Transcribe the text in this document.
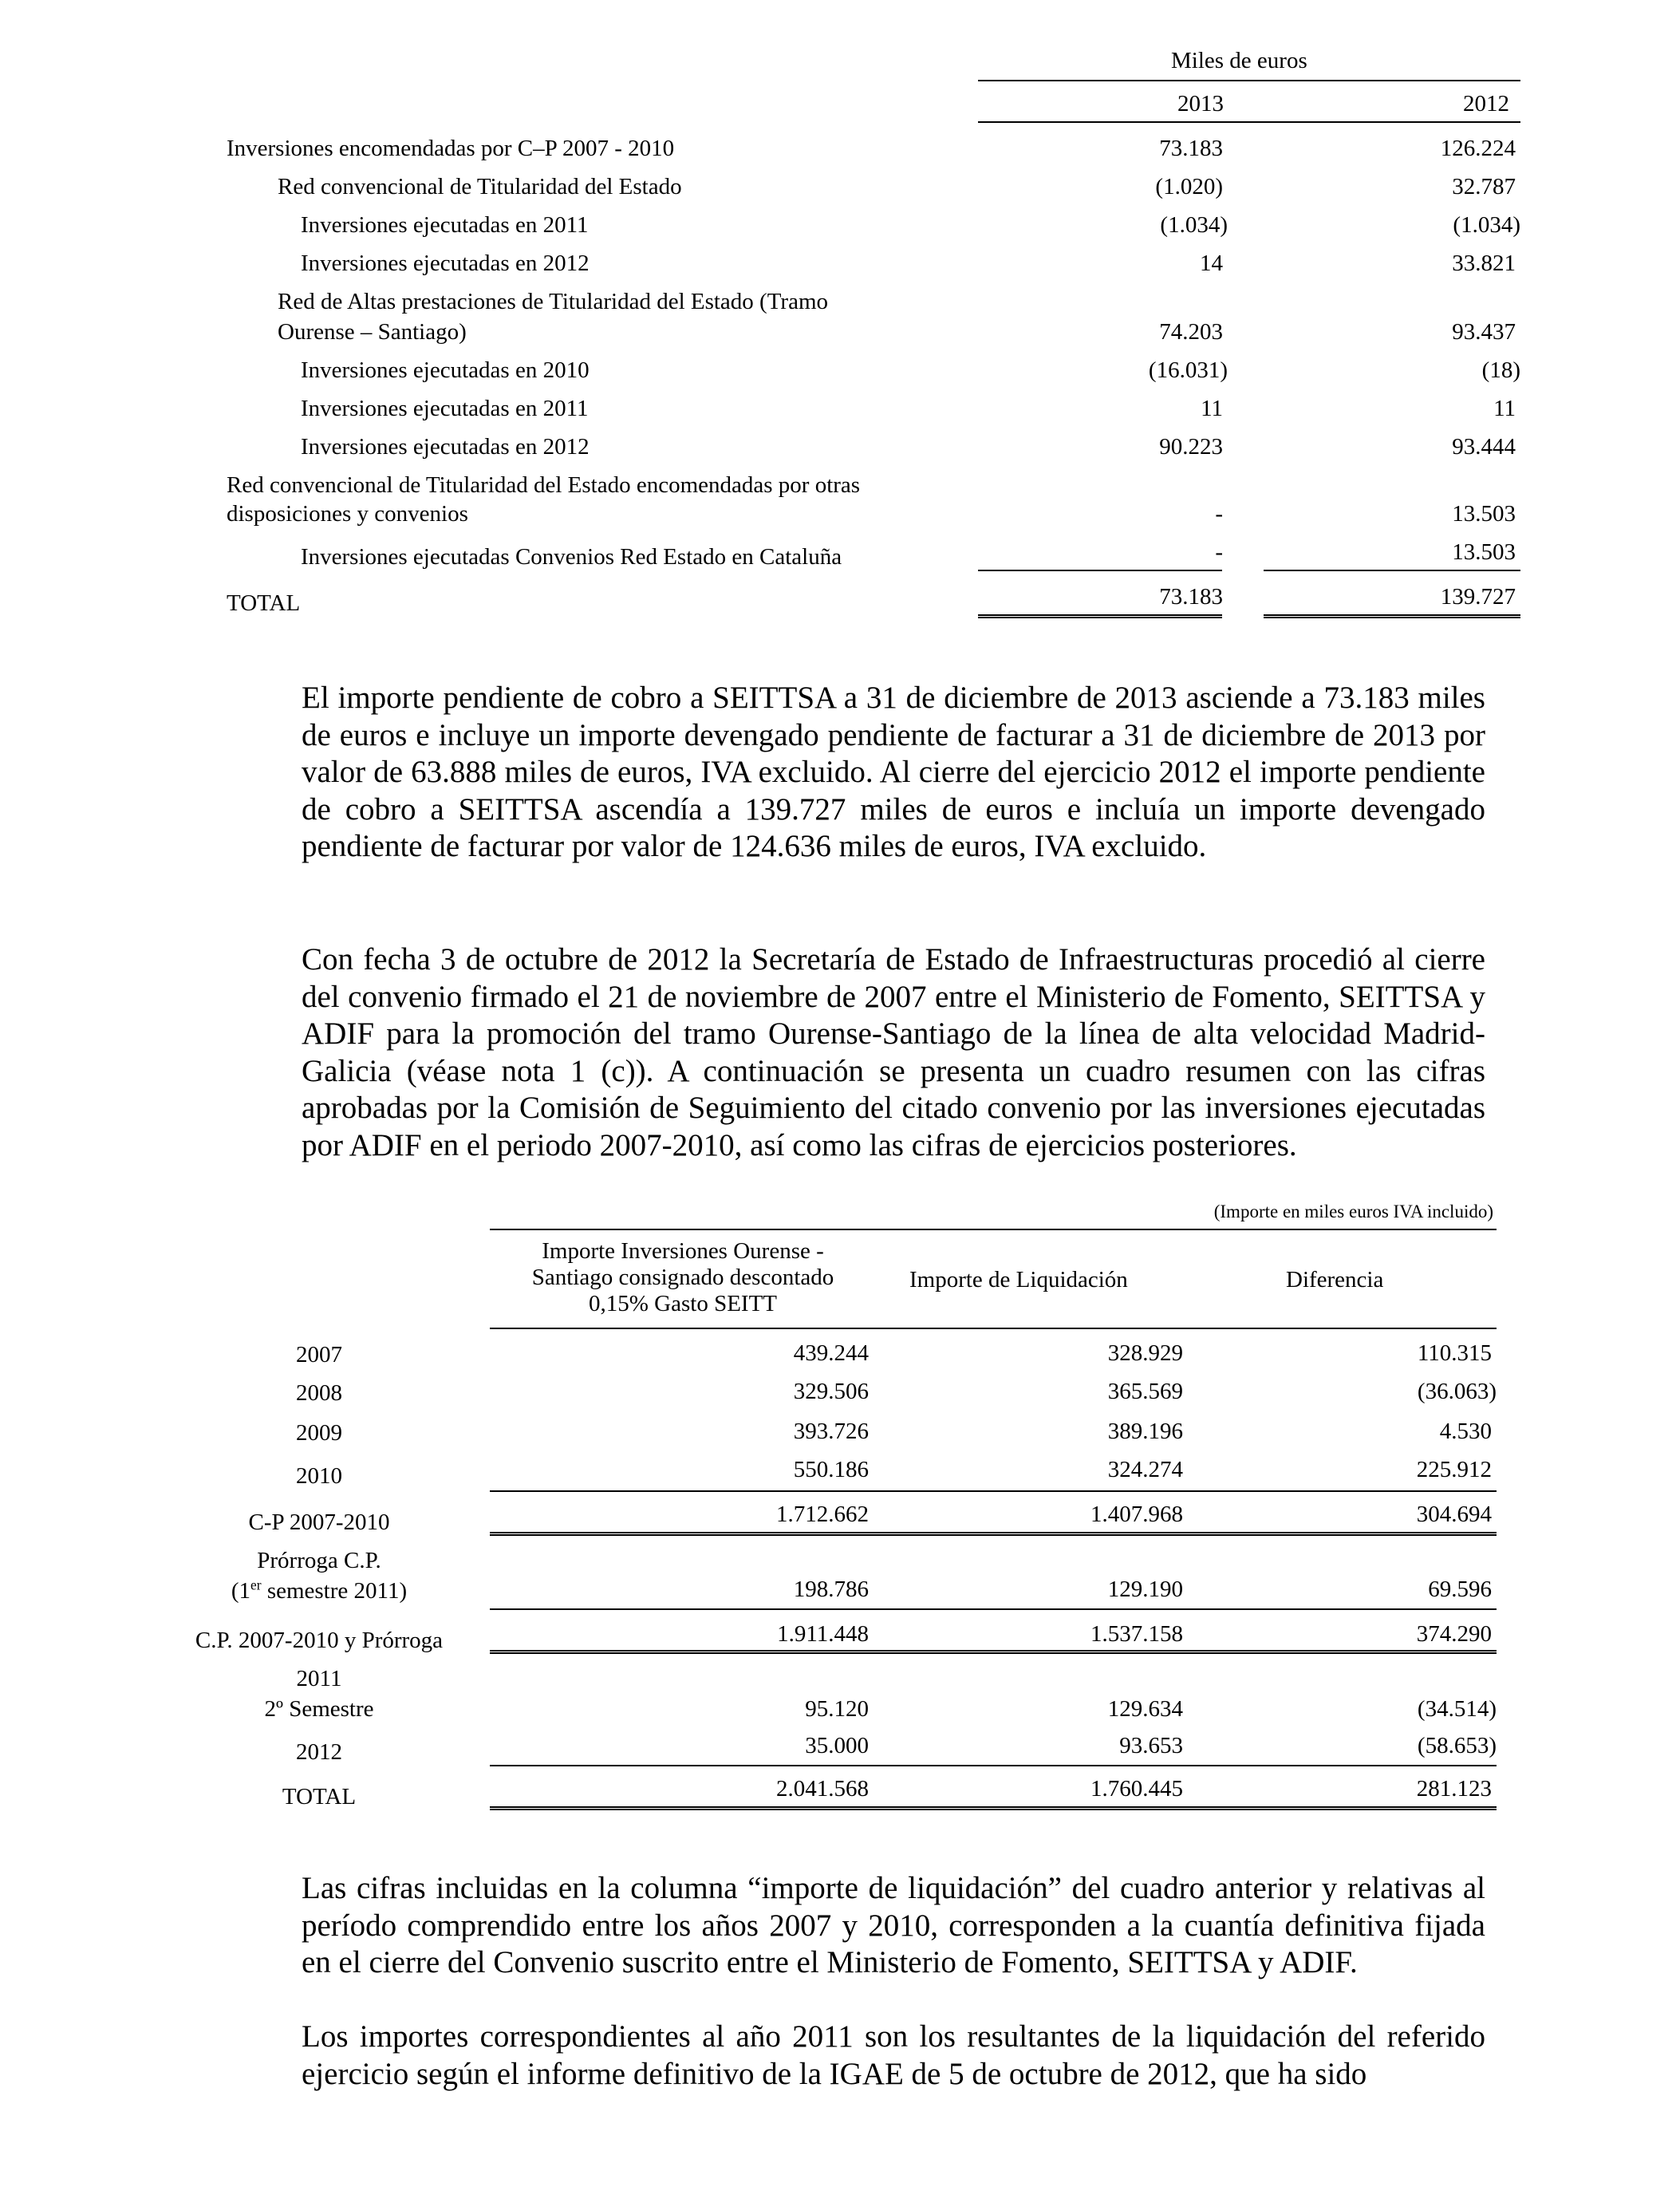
Miles de euros
2013	2012
Inversiones encomendadas por C–P 2007 - 2010	73.183	126.224
Red convencional de Titularidad del Estado	(1.020)	32.787
Inversiones ejecutadas en 2011	(1.034)	(1.034)
Inversiones ejecutadas en 2012	14	33.821
Red de Altas prestaciones de Titularidad del Estado (Tramo
Ourense – Santiago)	74.203	93.437
Inversiones ejecutadas en 2010	(16.031)	(18)
Inversiones ejecutadas en 2011	11	11
Inversiones ejecutadas en 2012	90.223	93.444
Red convencional de Titularidad del Estado encomendadas por otras
disposiciones y convenios	-	13.503
Inversiones ejecutadas Convenios Red Estado en Cataluña	-	13.503
TOTAL	73.183	139.727
El importe pendiente de cobro a SEITTSA a 31 de diciembre de 2013 asciende a 73.183 miles de euros e incluye un importe devengado pendiente de facturar a 31 de diciembre de 2013 por valor de 63.888 miles de euros, IVA excluido. Al cierre del ejercicio 2012 el importe pendiente de cobro a SEITTSA ascendía a 139.727 miles de euros e incluía un importe devengado pendiente de facturar por valor de 124.636 miles de euros, IVA excluido.
Con fecha 3 de octubre de 2012 la Secretaría de Estado de Infraestructuras procedió al cierre del convenio firmado el 21 de noviembre de 2007 entre el Ministerio de Fomento, SEITTSA y ADIF para la promoción del tramo Ourense-Santiago de la línea de alta velocidad Madrid-Galicia (véase nota 1 (c)). A continuación se presenta un cuadro resumen con las cifras aprobadas por la Comisión de Seguimiento del citado convenio por las inversiones ejecutadas por ADIF en el periodo 2007-2010, así como las cifras de ejercicios posteriores.
(Importe en miles euros IVA incluido)
Importe Inversiones Ourense - Santiago consignado descontado 0,15% Gasto SEITT
Importe de Liquidación	Diferencia
2007	439.244	328.929	110.315
2008	329.506	365.569	(36.063)
2009	393.726	389.196	4.530
2010	550.186	324.274	225.912
C-P 2007-2010	1.712.662	1.407.968	304.694
Prórroga C.P.
(1er semestre 2011)	198.786	129.190	69.596
C.P. 2007-2010 y Prórroga	1.911.448	1.537.158	374.290
2011
2º Semestre	95.120	129.634	(34.514)
2012	35.000	93.653	(58.653)
TOTAL	2.041.568	1.760.445	281.123
Las cifras incluidas en la columna “importe de liquidación” del cuadro anterior y relativas al período comprendido entre los años 2007 y 2010, corresponden a la cuantía definitiva fijada en el cierre del Convenio suscrito entre el Ministerio de Fomento, SEITTSA y ADIF.
Los importes correspondientes al año 2011 son los resultantes de la liquidación del referido ejercicio según el informe definitivo de la IGAE de 5 de octubre de 2012, que ha sido
